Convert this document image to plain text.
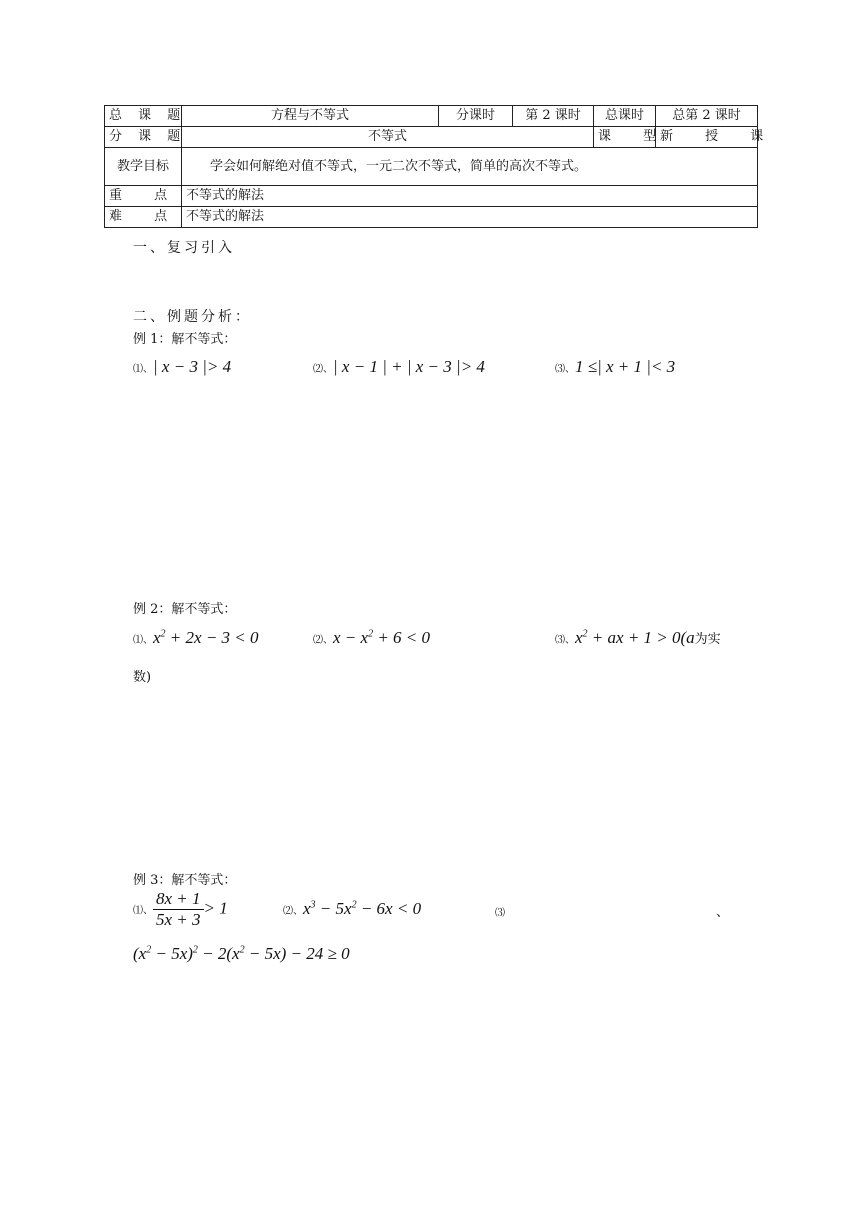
总 课 题	方程与不等式	分课时	第 2 课时	总课时	总第 2 课时
分 课 题	不等式			课 型	新 授 课
教学目标	学会如何解绝对值不等式，一元二次不等式，简单的高次不等式。				
重 点	不等式的解法				
难 点	不等式的解法				
一、复习引入
二、例题分析：
例 1：解不等式：
⑴、| x − 3 |> 4	⑵、| x − 1 | + | x − 3 |> 4	⑶、1 ≤| x + 1 |< 3
例 2：解不等式：
⑴、$x^2 + 2x - 3 < 0$	⑵、$x - x^2 + 6 < 0$	⑶、$x^2$ + ax + 1 > 0(a为实
数)
例 3：解不等式：
⑴、 $\frac{8x + 1}{5x + 3} > 1$	⑵、$x^3 - 5x^2 - 6x < 0$	⑶	、
$(x^2 - 5x)^2 - 2(x^2 - 5x) - 24 \ge 0$
